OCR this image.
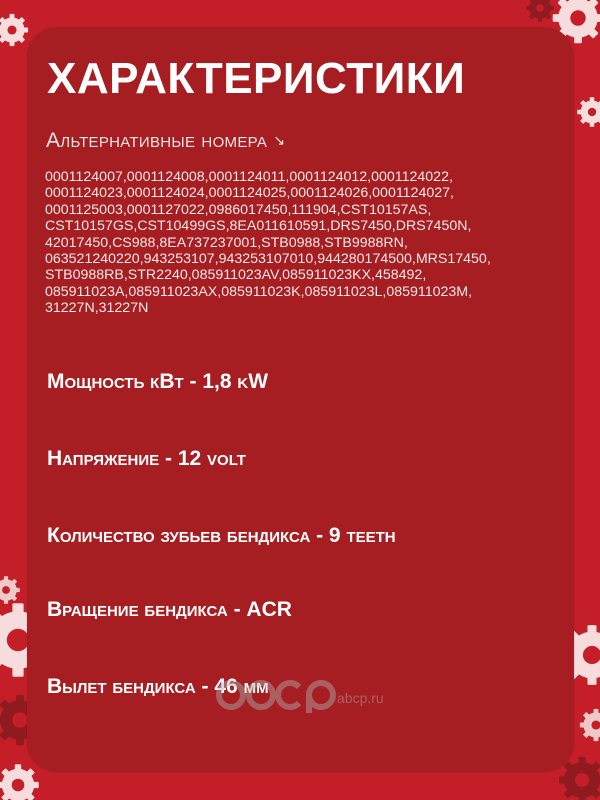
ХАРАКТЕРИСТИКИ
Альтернативные номера ↘
0001124007,0001124008,0001124011,0001124012,0001124022,
0001124023,0001124024,0001124025,0001124026,0001124027,
0001125003,0001127022,0986017450,111904,CST10157AS,
CST10157GS,CST10499GS,8EA011610591,DRS7450,DRS7450N,
42017450,CS988,8EA737237001,STB0988,STB9988RN,
063521240220,943253107,943253107010,944280174500,MRS17450,
STB0988RB,STR2240,085911023AV,085911023KX,458492,
085911023A,085911023AX,085911023K,085911023L,085911023M,
31227N,31227N
Мощность кВт - 1,8 kW
Напряжение - 12 volt
Количество зубьев бендикса - 9 teeth
Вращение бендикса - ACR
Вылет бендикса - 46 мм	abcp.ru
